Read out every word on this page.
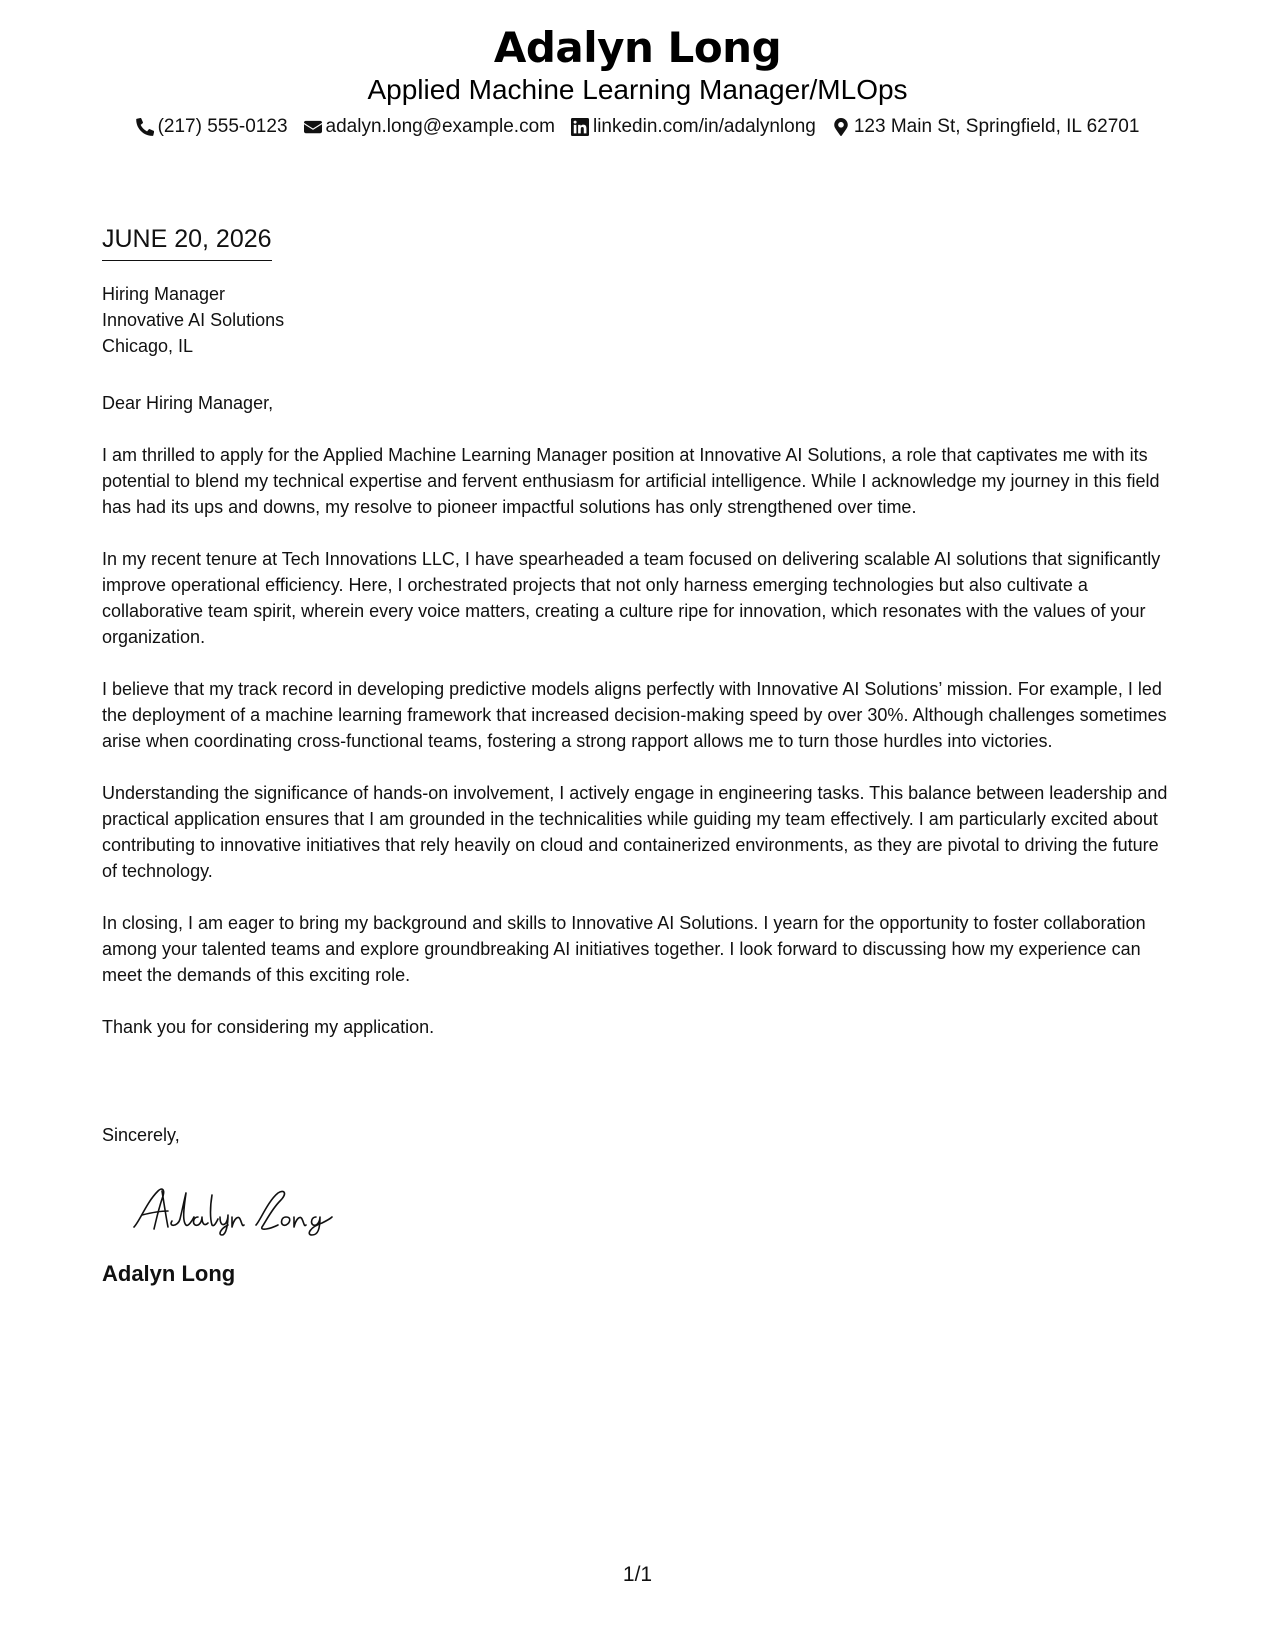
Adalyn Long
Applied Machine Learning Manager/MLOps
(217) 555-0123 adalyn.long@example.com linkedin.com/in/adalynlong 123 Main St, Springfield, IL 62701
JUNE 20, 2026
Hiring Manager
Innovative AI Solutions
Chicago, IL

Dear Hiring Manager,

I am thrilled to apply for the Applied Machine Learning Manager position at Innovative AI Solutions, a role that captivates me with its potential to blend my technical expertise and fervent enthusiasm for artificial intelligence. While I acknowledge my journey in this field has had its ups and downs, my resolve to pioneer impactful solutions has only strengthened over time.

In my recent tenure at Tech Innovations LLC, I have spearheaded a team focused on delivering scalable AI solutions that significantly improve operational efficiency. Here, I orchestrated projects that not only harness emerging technologies but also cultivate a collaborative team spirit, wherein every voice matters, creating a culture ripe for innovation, which resonates with the values of your organization.

I believe that my track record in developing predictive models aligns perfectly with Innovative AI Solutions’ mission. For example, I led the deployment of a machine learning framework that increased decision-making speed by over 30%. Although challenges sometimes arise when coordinating cross-functional teams, fostering a strong rapport allows me to turn those hurdles into victories.

Understanding the significance of hands-on involvement, I actively engage in engineering tasks. This balance between leadership and practical application ensures that I am grounded in the technicalities while guiding my team effectively. I am particularly excited about contributing to innovative initiatives that rely heavily on cloud and containerized environments, as they are pivotal to driving the future of technology.

In closing, I am eager to bring my background and skills to Innovative AI Solutions. I yearn for the opportunity to foster collaboration among your talented teams and explore groundbreaking AI initiatives together. I look forward to discussing how my experience can meet the demands of this exciting role.

Thank you for considering my application.

Sincerely,
Adalyn Long
1/1
